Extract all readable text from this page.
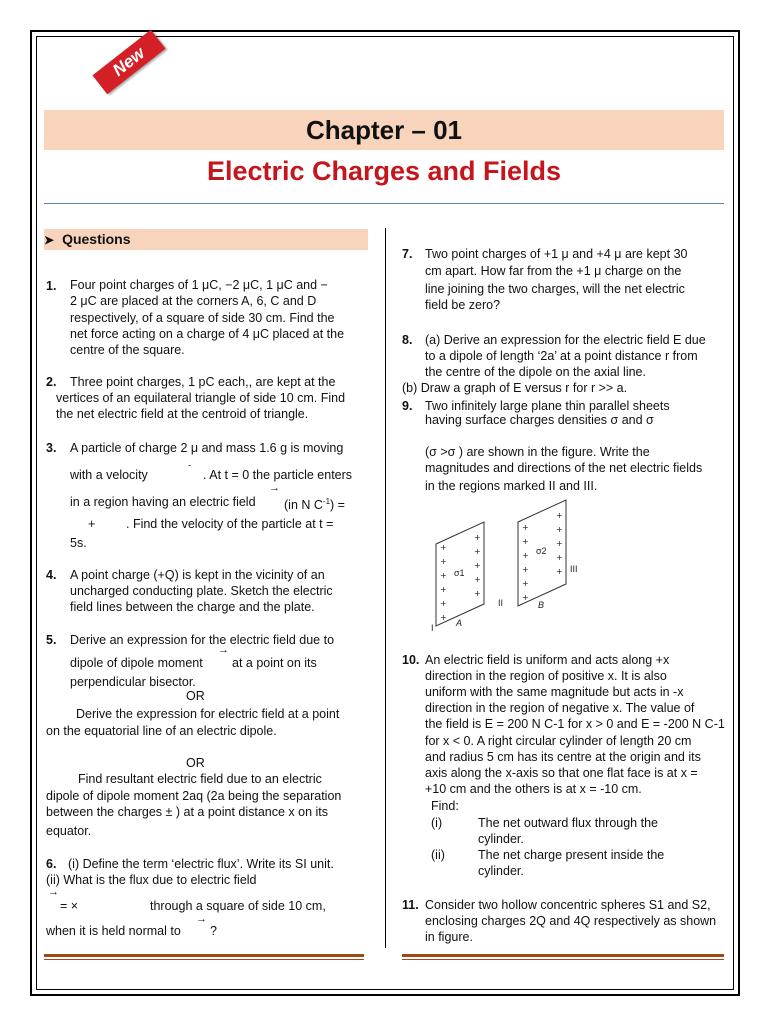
New
Chapter – 01
Electric Charges and Fields
➤ Questions
1. Four point charges of 1 μC, −2 μC, 1 μC and −
2 μC are placed at the corners A, 6, C and D
respectively, of a square of side 30 cm. Find the
net force acting on a charge of 4 μC placed at the
centre of the square.
2. Three point charges, 1 pC each,, are kept at the
vertices of an equilateral triangle of side 10 cm. Find
the net electric field at the centroid of triangle.
3. A particle of charge 2 μ and mass 1.6 g is moving
with a velocity	ˉ . At t = 0 the particle enters
in a region having an electric field
→
(in N $C^{-1}$) =
+ . Find the velocity of the particle at t =
5s.
4. A point charge (+Q) is kept in the vicinity of an
uncharged conducting plate. Sketch the electric
field lines between the charge and the plate.
5. Derive an expression for the electric field due to
dipole of dipole moment
→
at a point on its
perpendicular bisector.
OR
Derive the expression for electric field at a point
on the equatorial line of an electric dipole.
OR
Find resultant electric field due to an electric
dipole of dipole moment 2aq (2a being the separation
between the charges ± ) at a point distance x on its
equator.
6. (i) Define the term ‘electric flux’. Write its SI unit.
(ii) What is the flux due to electric field
→
= ×	through a square of side 10 cm,
when it is held normal to
→
?
7. Two point charges of +1 μ and +4 μ are kept 30
cm apart. How far from the +1 μ charge on the
line joining the two charges, will the net electric
field be zero?
8. (a) Derive an expression for the electric field E due
to a dipole of length ‘2a’ at a point distance r from
the centre of the dipole on the axial line.
(b) Draw a graph of E versus r for r >> a.
9. Two infinitely large plane thin parallel sheets
having surface charges densities σ and σ
(σ >σ ) are shown in the figure. Write the
magnitudes and directions of the net electric fields
in the regions marked II and III.
+
+
+
+
+
+
+
+
+
+
+
+
+
+
+
+
+
+
+
+
+
+
σ1
σ2
I
II
III
A
B
10. An electric field is uniform and acts along +x
direction in the region of positive x. It is also
uniform with the same magnitude but acts in -x
direction in the region of negative x. The value of
the field is E = 200 N C-1 for x > 0 and E = -200 N C-1
for x < 0. A right circular cylinder of length 20 cm
and radius 5 cm has its centre at the origin and its
axis along the x-axis so that one flat face is at x =
+10 cm and the others is at x = -10 cm.
Find:
(i)	The net outward flux through the
cylinder.
(ii)	The net charge present inside the
cylinder.
11. Consider two hollow concentric spheres S1 and S2,
enclosing charges 2Q and 4Q respectively as shown
in figure.
